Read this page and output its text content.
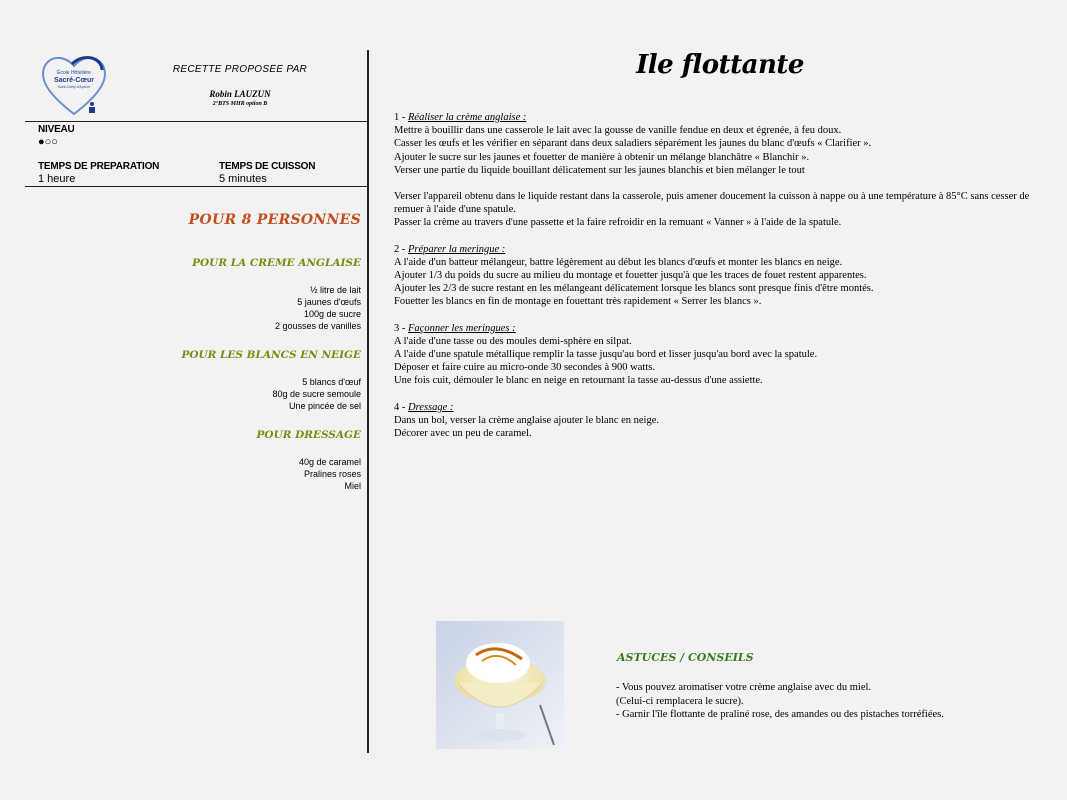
École Hôtelière
Sacré-Cœur
Saint-Chély-d'Apcher
RECETTE PROPOSEE PAR
Robin LAUZUN
2°BTS MHR option B
NIVEAU
●○○
TEMPS DE PREPARATION
1 heure
TEMPS DE CUISSON
5 minutes
POUR 8 PERSONNES
POUR LA CREME ANGLAISE
½ litre de lait
5 jaunes d'œufs
100g de sucre
2 gousses de vanilles
POUR LES BLANCS EN NEIGE
5 blancs d'œuf
80g de sucre semoule
Une pincée de sel
POUR DRESSAGE
40g de caramel
Pralines roses
Miel
Ile flottante

1 - Réaliser la crème anglaise :

Mettre à bouillir dans une casserole le lait avec la gousse de vanille fendue en deux et égrenée, à feu doux.

Casser les œufs et les vérifier en séparant dans deux saladiers séparément les jaunes du blanc d'œufs « Clarifier ».

Ajouter le sucre sur les jaunes et fouetter de manière à obtenir un mélange blanchâtre « Blanchir ».

Verser une partie du liquide bouillant délicatement sur les jaunes blanchis et bien mélanger le tout

Verser l'appareil obtenu dans le liquide restant dans la casserole, puis amener doucement la cuisson à nappe ou à une température à 85°C sans cesser de remuer à l'aide d'une spatule.

Passer la crème au travers d'une passette et la faire refroidir en la remuant « Vanner » à l'aide de la spatule.

2 - Préparer la meringue :

A l'aide d'un batteur mélangeur, battre légèrement au début les blancs d'œufs et monter les blancs en neige.

Ajouter 1/3 du poids du sucre au milieu du montage et fouetter jusqu'à que les traces de fouet restent apparentes.

Ajouter les 2/3 de sucre restant en les mélangeant délicatement lorsque les blancs sont presque finis d'être montés.

Fouetter les blancs en fin de montage en fouettant très rapidement « Serrer les blancs ».

3 - Façonner les meringues :

A l'aide d'une tasse ou des moules demi-sphère en silpat.

A l'aide d'une spatule métallique remplir la tasse jusqu'au bord et lisser jusqu'au bord avec la spatule.

Déposer et faire cuire au micro-onde 30 secondes à 900 watts.

Une fois cuit, démouler le blanc en neige en retournant la tasse au-dessus d'une assiette.

4 - Dressage :

Dans un bol, verser la crème anglaise ajouter le blanc en neige.

Décorer avec un peu de caramel.

ASTUCES / CONSEILS
- Vous pouvez aromatiser votre crème anglaise avec du miel.
(Celui-ci remplacera le sucre).
- Garnir l'île flottante de praliné rose, des amandes ou des pistaches torréfiées.
